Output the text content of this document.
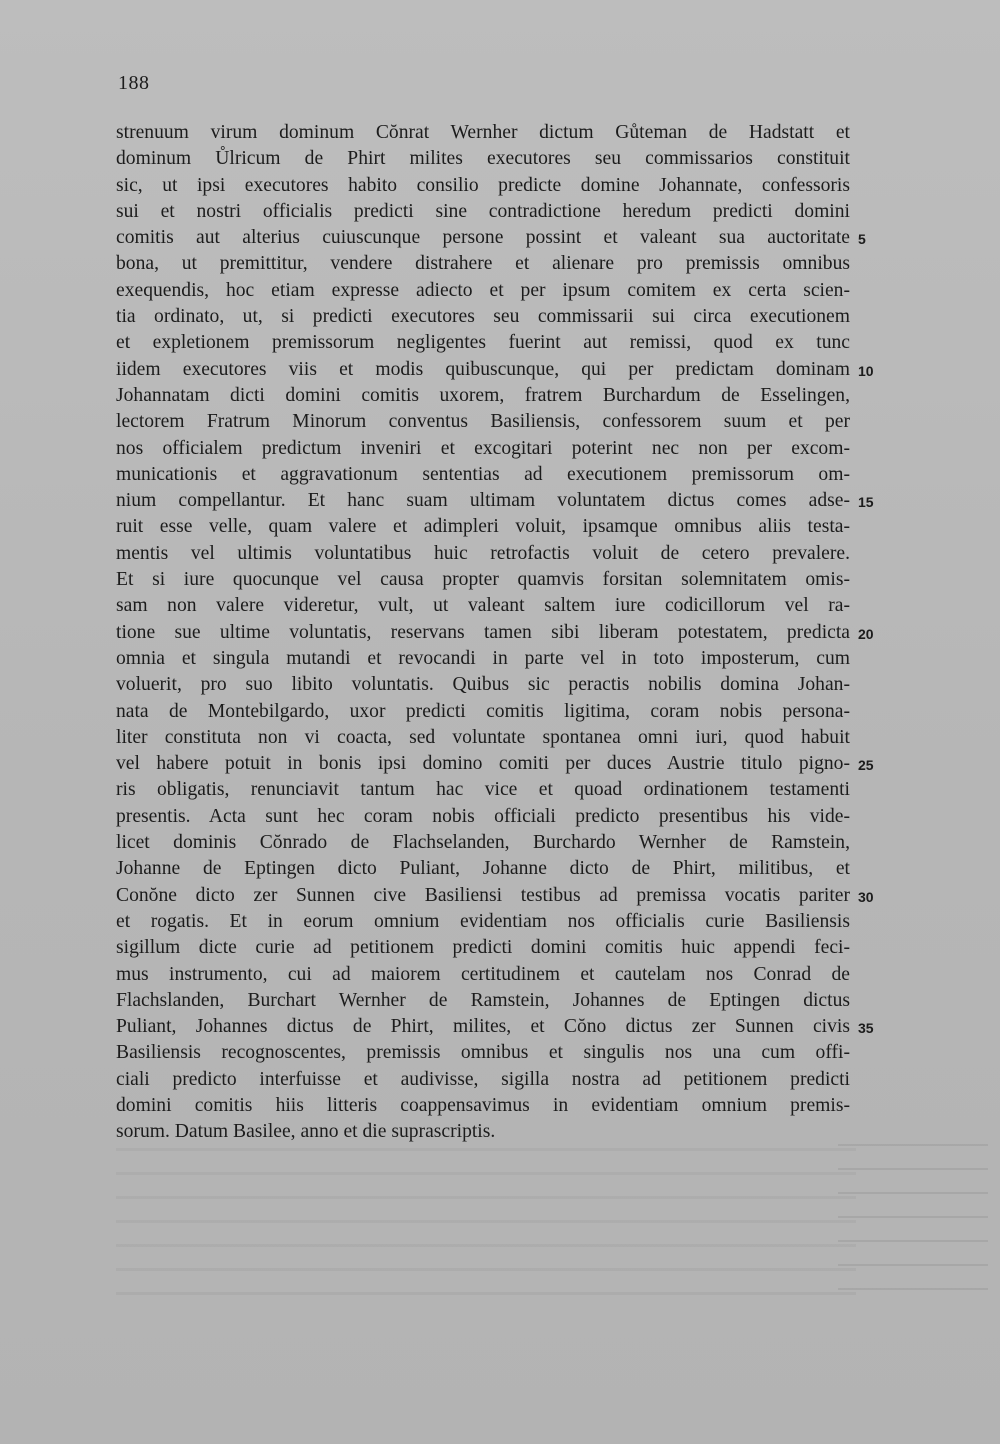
188
strenuum virum dominum Cŏnrat Wernher dictum Gůteman de Hadstatt et
dominum Ůlricum de Phirt milites executores seu commissarios constituit
sic, ut ipsi executores habito consilio predicte domine Johannate, confessoris
sui et nostri officialis predicti sine contradictione heredum predicti domini
comitis aut alterius cuiuscunque persone possint et valeant sua auctoritate
bona, ut premittitur, vendere distrahere et alienare pro premissis omnibus
exequendis, hoc etiam expresse adiecto et per ipsum comitem ex certa scien-
tia ordinato, ut, si predicti executores seu commissarii sui circa executionem
et expletionem premissorum negligentes fuerint aut remissi, quod ex tunc
iidem executores viis et modis quibuscunque, qui per predictam dominam
Johannatam dicti domini comitis uxorem, fratrem Burchardum de Esselingen,
lectorem Fratrum Minorum conventus Basiliensis, confessorem suum et per
nos officialem predictum inveniri et excogitari poterint nec non per excom-
municationis et aggravationum sententias ad executionem premissorum om-
nium compellantur. Et hanc suam ultimam voluntatem dictus comes adse-
ruit esse velle, quam valere et adimpleri voluit, ipsamque omnibus aliis testa-
mentis vel ultimis voluntatibus huic retrofactis voluit de cetero prevalere.
Et si iure quocunque vel causa propter quamvis forsitan solemnitatem omis-
sam non valere videretur, vult, ut valeant saltem iure codicillorum vel ra-
tione sue ultime voluntatis, reservans tamen sibi liberam potestatem, predicta
omnia et singula mutandi et revocandi in parte vel in toto imposterum, cum
voluerit, pro suo libito voluntatis. Quibus sic peractis nobilis domina Johan-
nata de Montebilgardo, uxor predicti comitis ligitima, coram nobis persona-
liter constituta non vi coacta, sed voluntate spontanea omni iuri, quod habuit
vel habere potuit in bonis ipsi domino comiti per duces Austrie titulo pigno-
ris obligatis, renunciavit tantum hac vice et quoad ordinationem testamenti
presentis. Acta sunt hec coram nobis officiali predicto presentibus his vide-
licet dominis Cŏnrado de Flachselanden, Burchardo Wernher de Ramstein,
Johanne de Eptingen dicto Puliant, Johanne dicto de Phirt, militibus, et
Conŏne dicto zer Sunnen cive Basiliensi testibus ad premissa vocatis pariter
et rogatis. Et in eorum omnium evidentiam nos officialis curie Basiliensis
sigillum dicte curie ad petitionem predicti domini comitis huic appendi feci-
mus instrumento, cui ad maiorem certitudinem et cautelam nos Conrad de
Flachslanden, Burchart Wernher de Ramstein, Johannes de Eptingen dictus
Puliant, Johannes dictus de Phirt, milites, et Cŏno dictus zer Sunnen civis
Basiliensis recognoscentes, premissis omnibus et singulis nos una cum offi-
ciali predicto interfuisse et audivisse, sigilla nostra ad petitionem predicti
domini comitis hiis litteris coappensavimus in evidentiam omnium premis-
sorum. Datum Basilee, anno et die suprascriptis.
5
10
15
20
25
30
35
